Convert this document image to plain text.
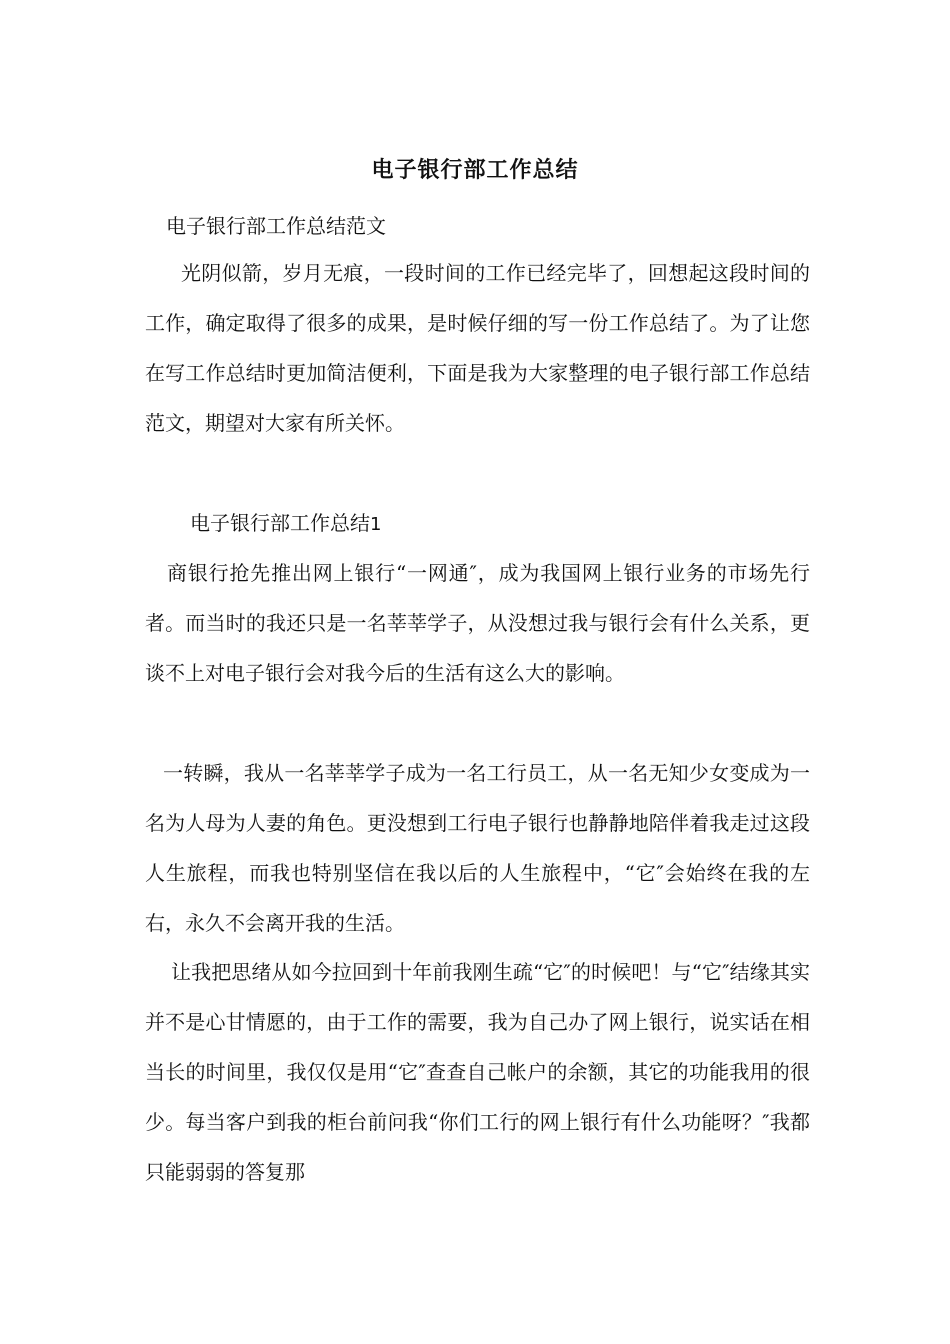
电子银行部工作总结
电子银行部工作总结范文
光阴似箭，岁月无痕，一段时间的工作已经完毕了，回想起这段时间的工作，确定取得了很多的成果，是时候仔细的写一份工作总结了。为了让您在写工作总结时更加简洁便利，下面是我为大家整理的电子银行部工作总结范文，期望对大家有所关怀。
电子银行部工作总结1
商银行抢先推出网上银行“一网通″，成为我国网上银行业务的市场先行者。而当时的我还只是一名莘莘学子，从没想过我与银行会有什么关系，更谈不上对电子银行会对我今后的生活有这么大的影响。
一转瞬，我从一名莘莘学子成为一名工行员工，从一名无知少女变成为一名为人母为人妻的角色。更没想到工行电子银行也静静地陪伴着我走过这段人生旅程，而我也特别坚信在我以后的人生旅程中，“它″会始终在我的左右，永久不会离开我的生活。
让我把思绪从如今拉回到十年前我刚生疏“它″的时候吧！与“它″结缘其实并不是心甘情愿的，由于工作的需要，我为自己办了网上银行，说实话在相当长的时间里，我仅仅是用“它″查查自己帐户的余额，其它的功能我用的很少。每当客户到我的柜台前问我“你们工行的网上银行有什么功能呀？″我都只能弱弱的答复那
